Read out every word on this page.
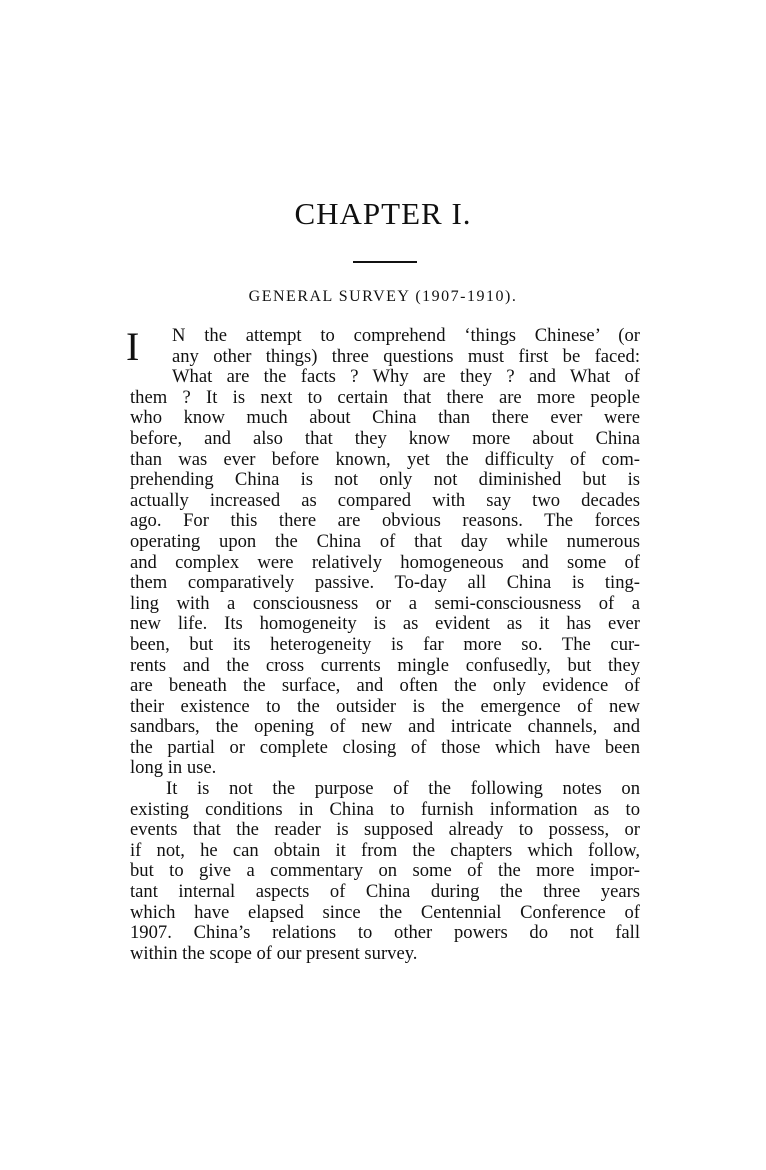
CHAPTER I.
GENERAL SURVEY (1907-1910).
I	N the attempt to comprehend ‘things Chinese’ (or
any other things) three questions must first be faced:
What are the facts ? Why are they ? and What of
them ? It is next to certain that there are more people
who know much about China than there ever were
before, and also that they know more about China
than was ever before known, yet the difficulty of com-
prehending China is not only not diminished but is
actually increased as compared with say two decades
ago. For this there are obvious reasons. The forces
operating upon the China of that day while numerous
and complex were relatively homogeneous and some of
them comparatively passive. To-day all China is ting-
ling with a consciousness or a semi-consciousness of a
new life. Its homogeneity is as evident as it has ever
been, but its heterogeneity is far more so. The cur-
rents and the cross currents mingle confusedly, but they
are beneath the surface, and often the only evidence of
their existence to the outsider is the emergence of new
sandbars, the opening of new and intricate channels, and
the partial or complete closing of those which have been
long in use.
It is not the purpose of the following notes on
existing conditions in China to furnish information as to
events that the reader is supposed already to possess, or
if not, he can obtain it from the chapters which follow,
but to give a commentary on some of the more impor-
tant internal aspects of China during the three years
which have elapsed since the Centennial Conference of
1907. China’s relations to other powers do not fall
within the scope of our present survey.
